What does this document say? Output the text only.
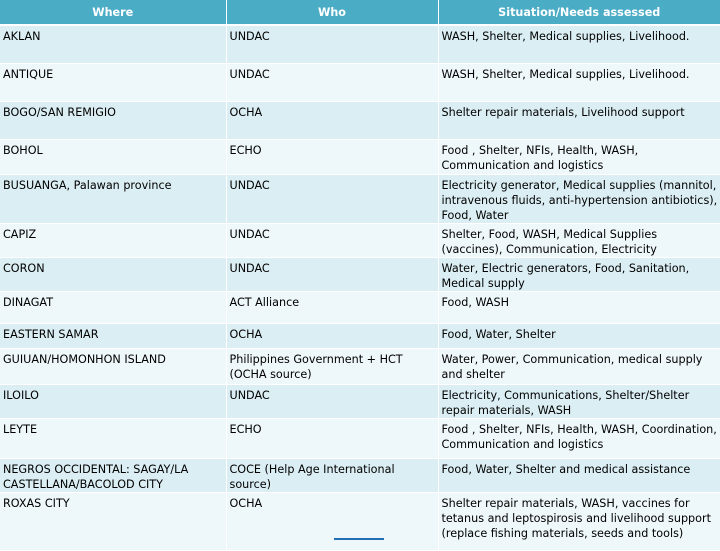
Where	Who	Situation/Needs assessed
AKLAN	UNDAC	WASH, Shelter, Medical supplies, Livelihood.
ANTIQUE	UNDAC	WASH, Shelter, Medical supplies, Livelihood.
BOGO/SAN REMIGIO	OCHA	Shelter repair materials, Livelihood support
BOHOL	ECHO	Food , Shelter, NFIs, Health, WASH, Communication and logistics
BUSUANGA, Palawan province	UNDAC	Electricity generator, Medical supplies (mannitol, intravenous fluids, anti-hypertension antibiotics), Food, Water
CAPIZ	UNDAC	Shelter, Food, WASH, Medical Supplies (vaccines), Communication, Electricity
CORON	UNDAC	Water, Electric generators, Food, Sanitation, Medical supply
DINAGAT	ACT Alliance	Food, WASH
EASTERN SAMAR	OCHA	Food, Water, Shelter
GUIUAN/HOMONHON ISLAND	Philippines Government + HCT (OCHA source)	Water, Power, Communication, medical supply and shelter
ILOILO	UNDAC	Electricity, Communications, Shelter/Shelter repair materials, WASH
LEYTE	ECHO	Food , Shelter, NFIs, Health, WASH, Coordination, Communication and logistics
NEGROS OCCIDENTAL: SAGAY/LA CASTELLANA/BACOLOD CITY	COCE (Help Age International source)	Food, Water, Shelter and medical assistance
ROXAS CITY	OCHA	Shelter repair materials, WASH, vaccines for tetanus and leptospirosis and livelihood support (replace fishing materials, seeds and tools)
